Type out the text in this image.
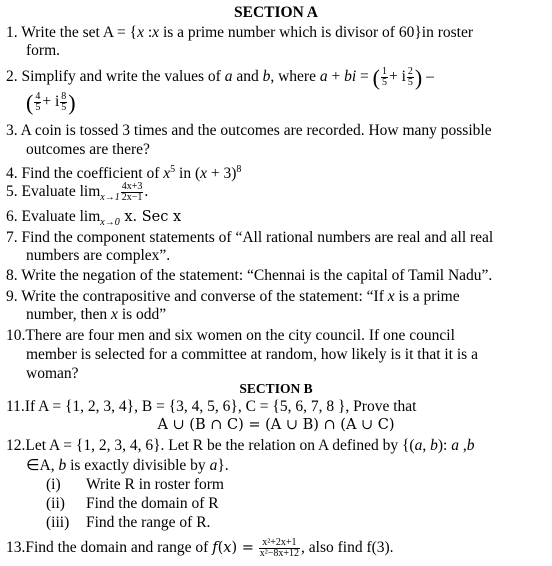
SECTION A
1. Write the set A = {x :x is a prime number which is divisor of 60}in roster
form.
2. Simplify and write the values of a and b, where a + bi = ( $\frac{1}{5} + i \frac{2}{5}$ ) –
( $\frac{4}{5} + i \frac{8}{5}$ )
3. A coin is tossed 3 times and the outcomes are recorded. How many possible
outcomes are there?
4. Find the coefficient of $x^5$ in $(x + 3)^8$
5. Evaluate $\lim_{x\to 1} \frac{4x+3}{2x-1}$ .
6. Evaluate $\lim_{x\to 0} x$. Sec x
7. Find the component statements of “All rational numbers are real and all real
numbers are complex”.
8. Write the negation of the statement: “Chennai is the capital of Tamil Nadu”.
9. Write the contrapositive and converse of the statement: “If x is a prime
number, then x is odd”
10.There are four men and six women on the city council. If one council
member is selected for a committee at random, how likely is it that it is a
woman?
SECTION B
11.If A = {1, 2, 3, 4}, B = {3, 4, 5, 6}, C = {5, 6, 7, 8 }, Prove that
A ∪ (B ∩ C) = (A ∪ B) ∩ (A ∪ C)
12.Let A = {1, 2, 3, 4, 6}. Let R be the relation on A defined by {(a, b): a ,b
∈A, b is exactly divisible by a}.
(i) Write R in roster form
(ii) Find the domain of R
(iii) Find the range of R.
13.Find the domain and range of $f(x) = \frac{\text{x²+2x+1}}{\text{x²−8x+12}}$ , also find f(3).
